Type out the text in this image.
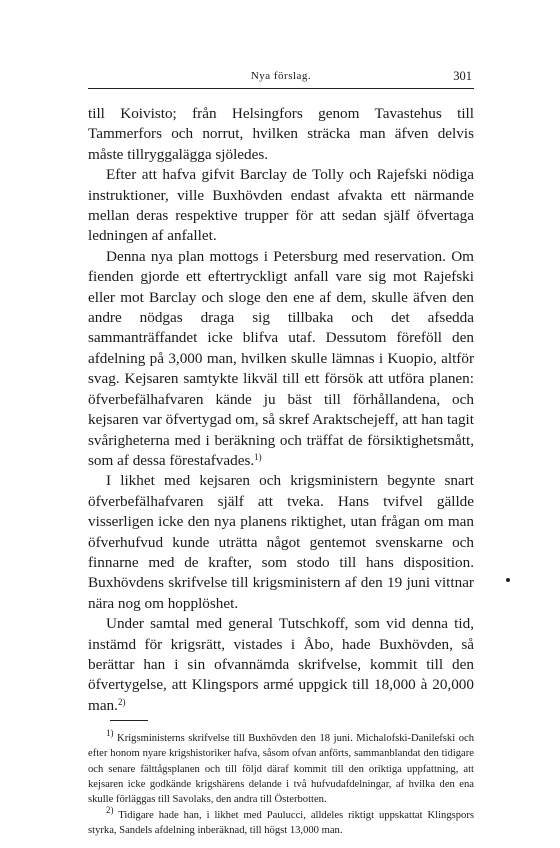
Nya förslag.	301

till Koivisto; från Helsingfors genom Tavastehus till Tammerfors och norrut, hvilken sträcka man äfven delvis måste tillryggalägga sjöledes.

Efter att hafva gifvit Barclay de Tolly och Rajefski nödiga instruktioner, ville Buxhövden endast afvakta ett närmande mellan deras respektive trupper för att sedan själf öfvertaga ledningen af anfallet.

Denna nya plan mottogs i Petersburg med reservation. Om fienden gjorde ett eftertryckligt anfall vare sig mot Rajefski eller mot Barclay och sloge den ene af dem, skulle äfven den andre nödgas draga sig tillbaka och det afsedda sammanträffandet icke blifva utaf. Dessutom föreföll den afdelning på 3,000 man, hvilken skulle lämnas i Kuopio, altför svag. Kejsaren samtykte likväl till ett försök att utföra planen: öfverbefälhafvaren kände ju bäst till förhållandena, och kejsaren var öfvertygad om, så skref Araktschejeff, att han tagit svårigheterna med i beräkning och träffat de försiktighetsmått, som af dessa förestafvades.$^{1)}$

I likhet med kejsaren och krigsministern begynte snart öfverbefälhafvaren själf att tveka. Hans tvifvel gällde visserligen icke den nya planens riktighet, utan frågan om man öfverhufvud kunde uträtta något gentemot svenskarne och finnarne med de krafter, som stodo till hans disposition. Buxhövdens skrifvelse till krigsministern af den 19 juni vittnar nära nog om hopplöshet.

Under samtal med general Tutschkoff, som vid denna tid, instämd för krigsrätt, vistades i Åbo, hade Buxhövden, så berättar han i sin ofvannämda skrifvelse, kommit till den öfvertygelse, att Klingspors armé uppgick till 18,000 à 20,000 man.$^{2)}$

$^{1)}$ Krigsministerns skrifvelse till Buxhövden den 18 juni. Michalofski-Danilefski och efter honom nyare krigshistoriker hafva, såsom ofvan anförts, sammanblandat den tidigare och senare fälttågsplanen och till följd däraf kommit till den oriktiga uppfattning, att kejsaren icke godkände krigshärens delande i två hufvudafdelningar, af hvilka den ena skulle förläggas till Savolaks, den andra till Österbotten.

$^{2)}$ Tidigare hade han, i likhet med Paulucci, alldeles riktigt uppskattat Klingspors styrka, Sandels afdelning inberäknad, till högst 13,000 man.
